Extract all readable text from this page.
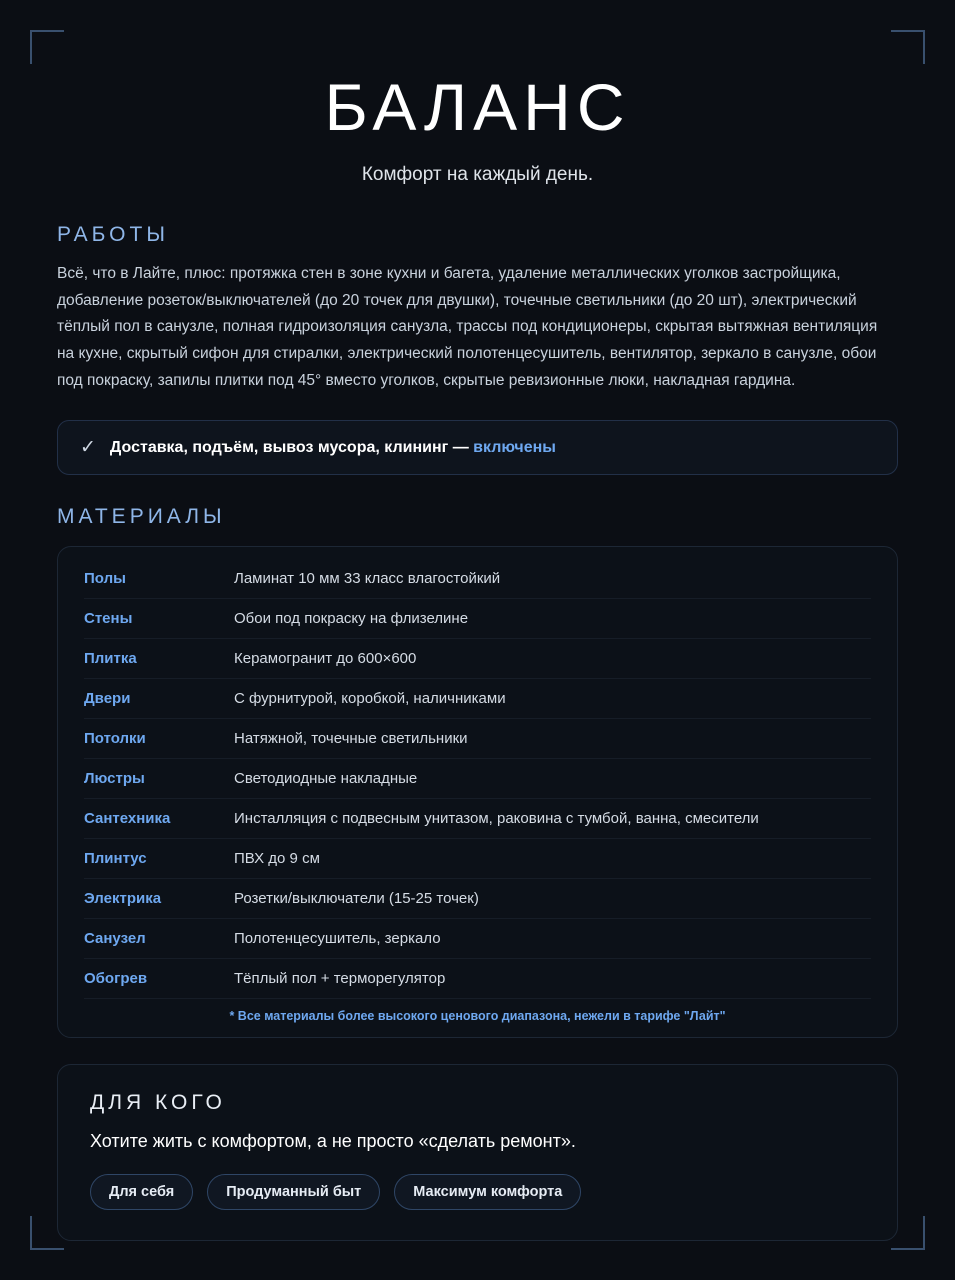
БАЛАНС

Комфорт на каждый день.

РАБОТЫ

Всё, что в Лайте, плюс: протяжка стен в зоне кухни и багета, удаление металлических уголков застройщика, добавление розеток/выключателей (до 20 точек для двушки), точечные светильники (до 20 шт), электрический тёплый пол в санузле, полная гидроизоляция санузла, трассы под кондиционеры, скрытая вытяжная вентиляция на кухне, скрытый сифон для стиралки, электрический полотенцесушитель, вентилятор, зеркало в санузле, обои под покраску, запилы плитки под 45° вместо уголков, скрытые ревизионные люки, накладная гардина.

✓ Доставка, подъём, вывоз мусора, клининг — включены
МАТЕРИАЛЫ
Полы	Ламинат 10 мм 33 класс влагостойкий
Стены	Обои под покраску на флизелине
Плитка	Керамогранит до 600×600
Двери	С фурнитурой, коробкой, наличниками
Потолки	Натяжной, точечные светильники
Люстры	Светодиодные накладные
Сантехника	Инсталляция с подвесным унитазом, раковина с тумбой, ванна, смесители
Плинтус	ПВХ до 9 см
Электрика	Розетки/выключатели (15-25 точек)
Санузел	Полотенцесушитель, зеркало
Обогрев	Тёплый пол + терморегулятор
* Все материалы более высокого ценового диапазона, нежели в тарифе "Лайт"
ДЛЯ КОГО

Хотите жить с комфортом, а не просто «сделать ремонт».

Для себя	Продуманный быт	Максимум комфорта
